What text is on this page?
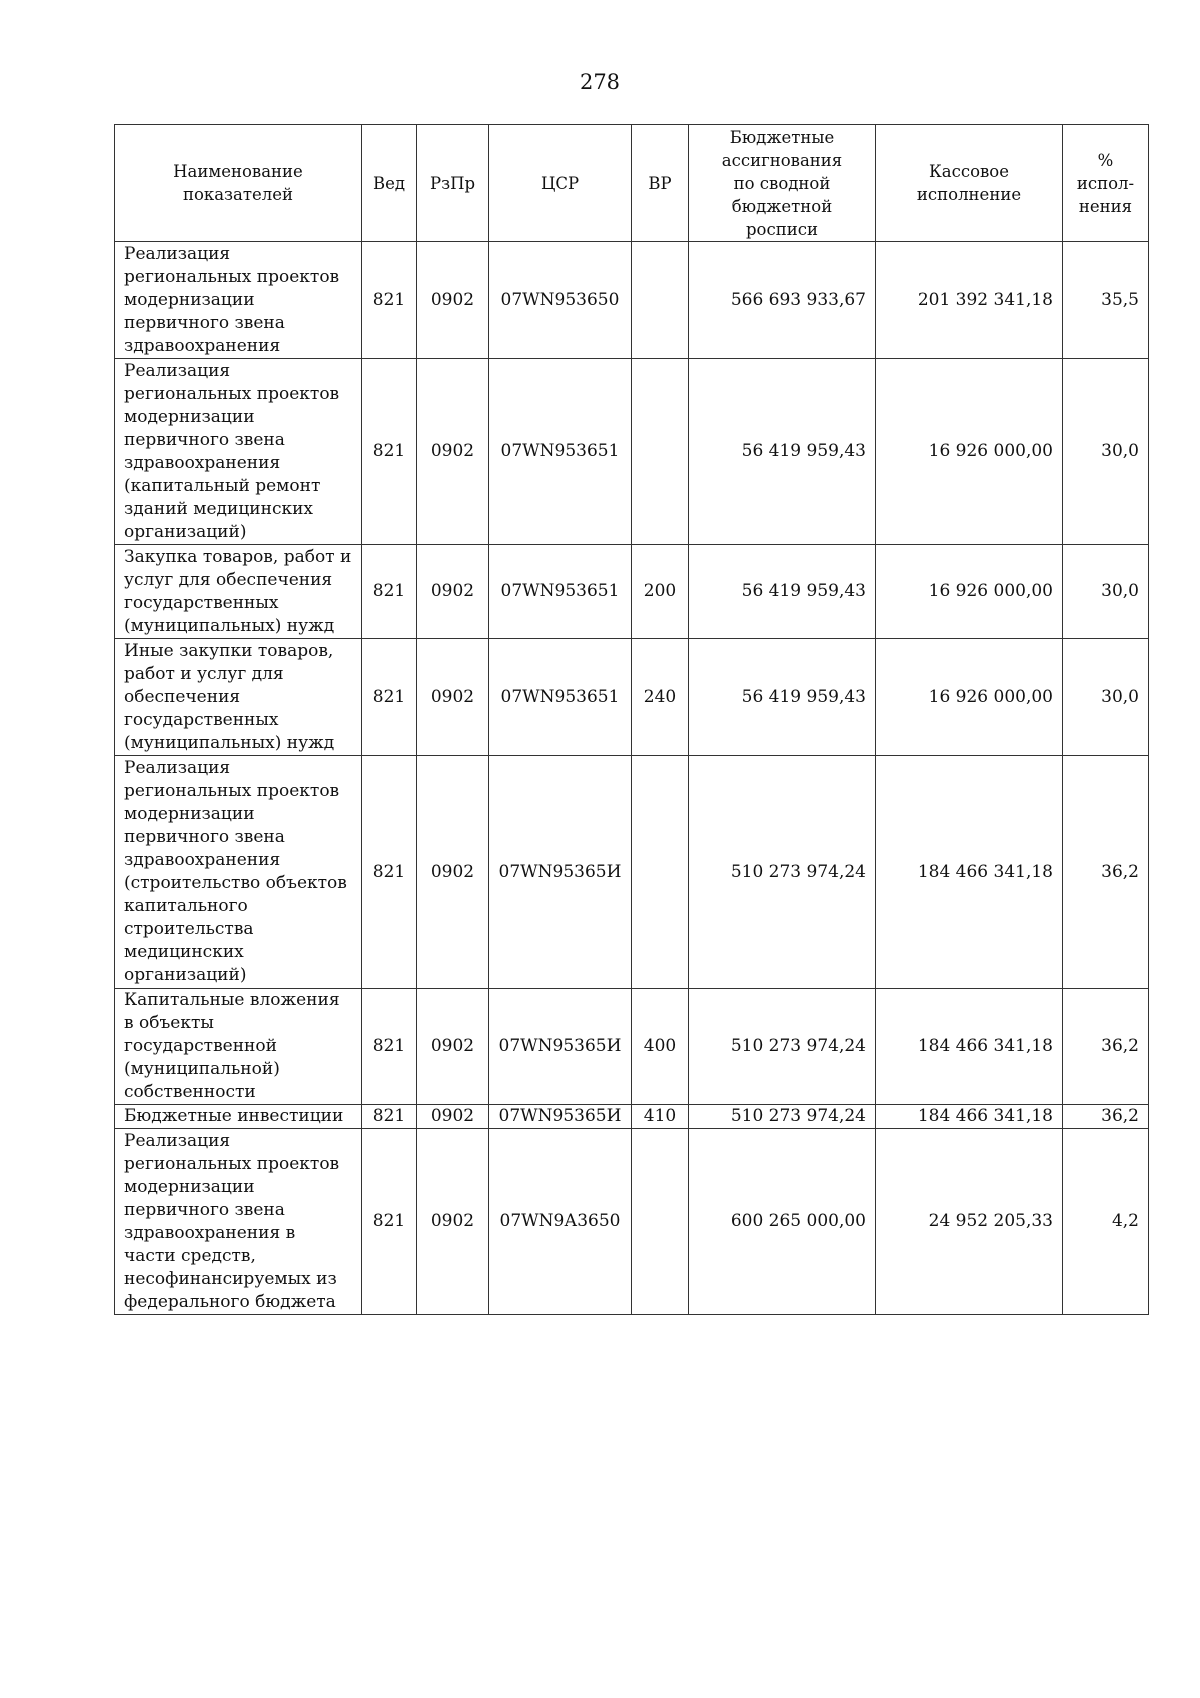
278
Наименование показателей	Вед	РзПр	ЦСР	ВР	Бюджетные ассигнования по сводной бюджетной росписи	Кассовое исполнение	% испол-нения
Реализация региональных проектов модернизации первичного звена здравоохранения	821	0902	07WN953650		566 693 933,67	201 392 341,18	35,5
Реализация региональных проектов модернизации первичного звена здравоохранения (капитальный ремонт зданий медицинских организаций)	821	0902	07WN953651		56 419 959,43	16 926 000,00	30,0
Закупка товаров, работ и услуг для обеспечения государственных (муниципальных) нужд	821	0902	07WN953651	200	56 419 959,43	16 926 000,00	30,0
Иные закупки товаров, работ и услуг для обеспечения государственных (муниципальных) нужд	821	0902	07WN953651	240	56 419 959,43	16 926 000,00	30,0
Реализация региональных проектов модернизации первичного звена здравоохранения (строительство объектов капитального строительства медицинских организаций)	821	0902	07WN95365И		510 273 974,24	184 466 341,18	36,2
Капитальные вложения в объекты государственной (муниципальной) собственности	821	0902	07WN95365И	400	510 273 974,24	184 466 341,18	36,2
Бюджетные инвестиции	821	0902	07WN95365И	410	510 273 974,24	184 466 341,18	36,2
Реализация региональных проектов модернизации первичного звена здравоохранения в части средств, несофинансируемых из федерального бюджета	821	0902	07WN9А3650		600 265 000,00	24 952 205,33	4,2
